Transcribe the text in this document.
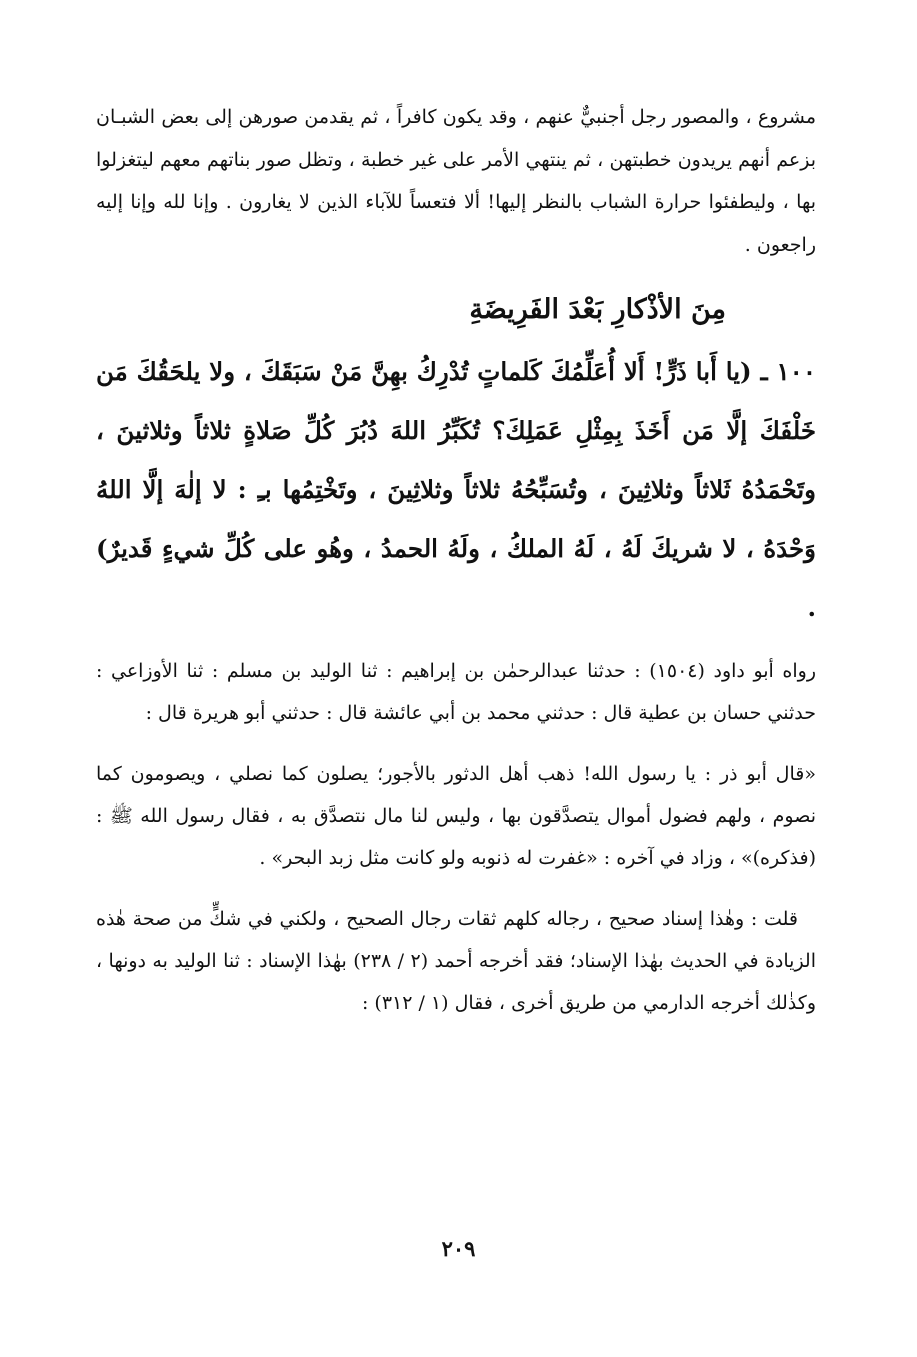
مشروع ، والمصور رجل أجنبيٌّ عنهم ، وقد يكون كافراً ، ثم يقدمن صورهن إلى بعض الشبـان بزعم أنهم يريدون خطبتهن ، ثم ينتهي الأمر على غير خطبة ، وتظل صور بناتهم معهم ليتغزلوا بها ، وليطفئوا حرارة الشباب بالنظر إليها! ألا فتعساً للآباء الذين لا يغارون . وإنا لله وإنا إليه راجعون .

مِنَ الأذْكارِ بَعْدَ الفَرِيضَةِ

١٠٠ ـ (يا أَبا ذَرٍّ! أَلا أُعَلِّمُكَ كَلماتٍ تُدْرِكُ بهِنَّ مَنْ سَبَقَكَ ، ولا يلحَقُكَ مَن خَلْفَكَ إلَّا مَن أَخَذَ بِمِثْلِ عَمَلِكَ؟ تُكَبِّرُ اللهَ دُبُرَ كُلِّ صَلاةٍ ثلاثاً وثلاثينَ ، وتَحْمَدُهُ ثَلاثاً وثلاثِينَ ، وتُسَبِّحُهُ ثلاثاً وثلاثِينَ ، وتَخْتِمُها بـِ : لا إلٰهَ إلَّا اللهُ وَحْدَهُ ، لا شريكَ لَهُ ، لَهُ الملكُ ، ولَهُ الحمدُ ، وهُو على كُلِّ شيءٍ قَديرٌ) .

رواه أبو داود (١٥٠٤) : حدثنا عبدالرحمٰن بن إبراهيم : ثنا الوليد بن مسلم : ثنا الأوزاعي : حدثني حسان بن عطية قال : حدثني محمد بن أبي عائشة قال : حدثني أبو هريرة قال :

«قال أبو ذر : يا رسول الله! ذهب أهل الدثور بالأجور؛ يصلون كما نصلي ، ويصومون كما نصوم ، ولهم فضول أموال يتصدَّقون بها ، وليس لنا مال نتصدَّق به ، فقال رسول الله ﷺ : (فذكره)» ، وزاد في آخره : «غفرت له ذنوبه ولو كانت مثل زبد البحر» .

قلت : وهٰذا إسناد صحيح ، رجاله كلهم ثقات رجال الصحيح ، ولكني في شكٍّ من صحة هٰذه الزيادة في الحديث بهٰذا الإسناد؛ فقد أخرجه أحمد (٢ / ٢٣٨) بهٰذا الإسناد : ثنا الوليد به دونها ، وكذٰلك أخرجه الدارمي من طريق أخرى ، فقال (١ / ٣١٢) :

٢٠٩
